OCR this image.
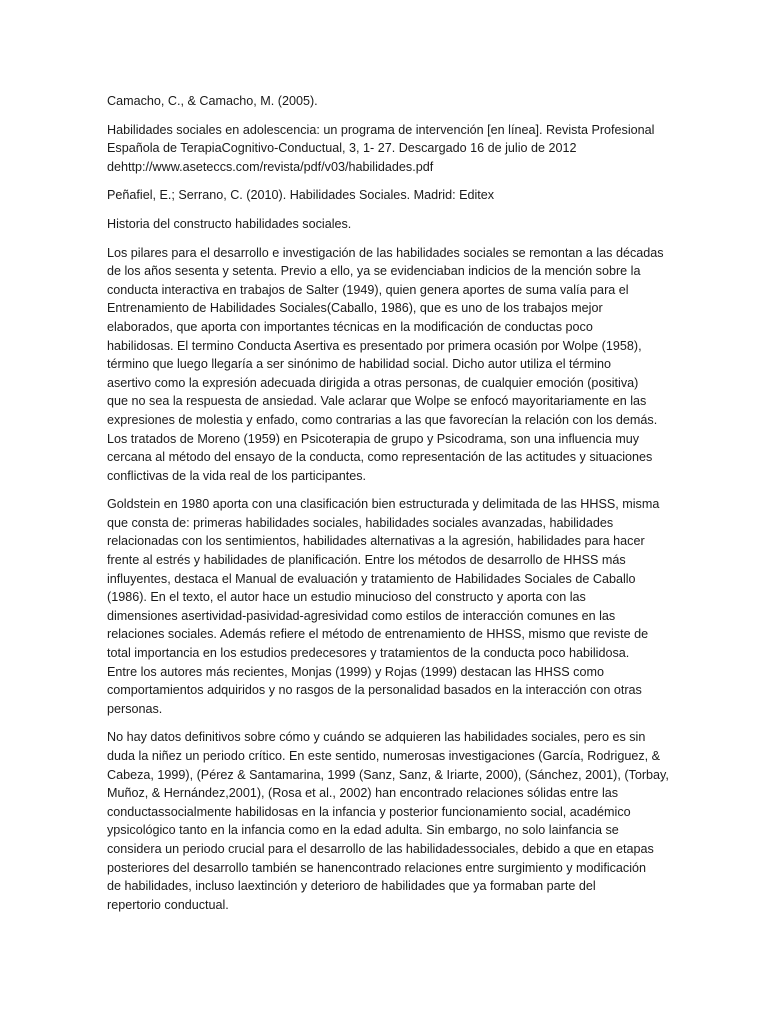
Camacho, C., & Camacho, M. (2005).

Habilidades sociales en adolescencia: un programa de intervención [en línea]. Revista Profesional
Española de TerapiaCognitivo-Conductual, 3, 1- 27. Descargado 16 de julio de 2012
dehttp://www.aseteccs.com/revista/pdf/v03/habilidades.pdf

Peñafiel, E.; Serrano, C. (2010). Habilidades Sociales. Madrid: Editex

Historia del constructo habilidades sociales.

Los pilares para el desarrollo e investigación de las habilidades sociales se remontan a las décadas
de los años sesenta y setenta. Previo a ello, ya se evidenciaban indicios de la mención sobre la
conducta interactiva en trabajos de Salter (1949), quien genera aportes de suma valía para el
Entrenamiento de Habilidades Sociales(Caballo, 1986), que es uno de los trabajos mejor
elaborados, que aporta con importantes técnicas en la modificación de conductas poco
habilidosas. El termino Conducta Asertiva es presentado por primera ocasión por Wolpe (1958),
término que luego llegaría a ser sinónimo de habilidad social. Dicho autor utiliza el término
asertivo como la expresión adecuada dirigida a otras personas, de cualquier emoción (positiva)
que no sea la respuesta de ansiedad. Vale aclarar que Wolpe se enfocó mayoritariamente en las
expresiones de molestia y enfado, como contrarias a las que favorecían la relación con los demás.
Los tratados de Moreno (1959) en Psicoterapia de grupo y Psicodrama, son una influencia muy
cercana al método del ensayo de la conducta, como representación de las actitudes y situaciones
conflictivas de la vida real de los participantes.

Goldstein en 1980 aporta con una clasificación bien estructurada y delimitada de las HHSS, misma
que consta de: primeras habilidades sociales, habilidades sociales avanzadas, habilidades
relacionadas con los sentimientos, habilidades alternativas a la agresión, habilidades para hacer
frente al estrés y habilidades de planificación. Entre los métodos de desarrollo de HHSS más
influyentes, destaca el Manual de evaluación y tratamiento de Habilidades Sociales de Caballo
(1986). En el texto, el autor hace un estudio minucioso del constructo y aporta con las
dimensiones asertividad-pasividad-agresividad como estilos de interacción comunes en las
relaciones sociales. Además refiere el método de entrenamiento de HHSS, mismo que reviste de
total importancia en los estudios predecesores y tratamientos de la conducta poco habilidosa.
Entre los autores más recientes, Monjas (1999) y Rojas (1999) destacan las HHSS como
comportamientos adquiridos y no rasgos de la personalidad basados en la interacción con otras
personas.

No hay datos definitivos sobre cómo y cuándo se adquieren las habilidades sociales, pero es sin
duda la niñez un periodo crítico. En este sentido, numerosas investigaciones (García, Rodriguez, &
Cabeza, 1999), (Pérez & Santamarina, 1999 (Sanz, Sanz, & Iriarte, 2000), (Sánchez, 2001), (Torbay,
Muñoz, & Hernández,2001), (Rosa et al., 2002) han encontrado relaciones sólidas entre las
conductassocialmente habilidosas en la infancia y posterior funcionamiento social, académico
ypsicológico tanto en la infancia como en la edad adulta. Sin embargo, no solo lainfancia se
considera un periodo crucial para el desarrollo de las habilidadessociales, debido a que en etapas
posteriores del desarrollo también se hanencontrado relaciones entre surgimiento y modificación
de habilidades, incluso laextinción y deterioro de habilidades que ya formaban parte del
repertorio conductual.
